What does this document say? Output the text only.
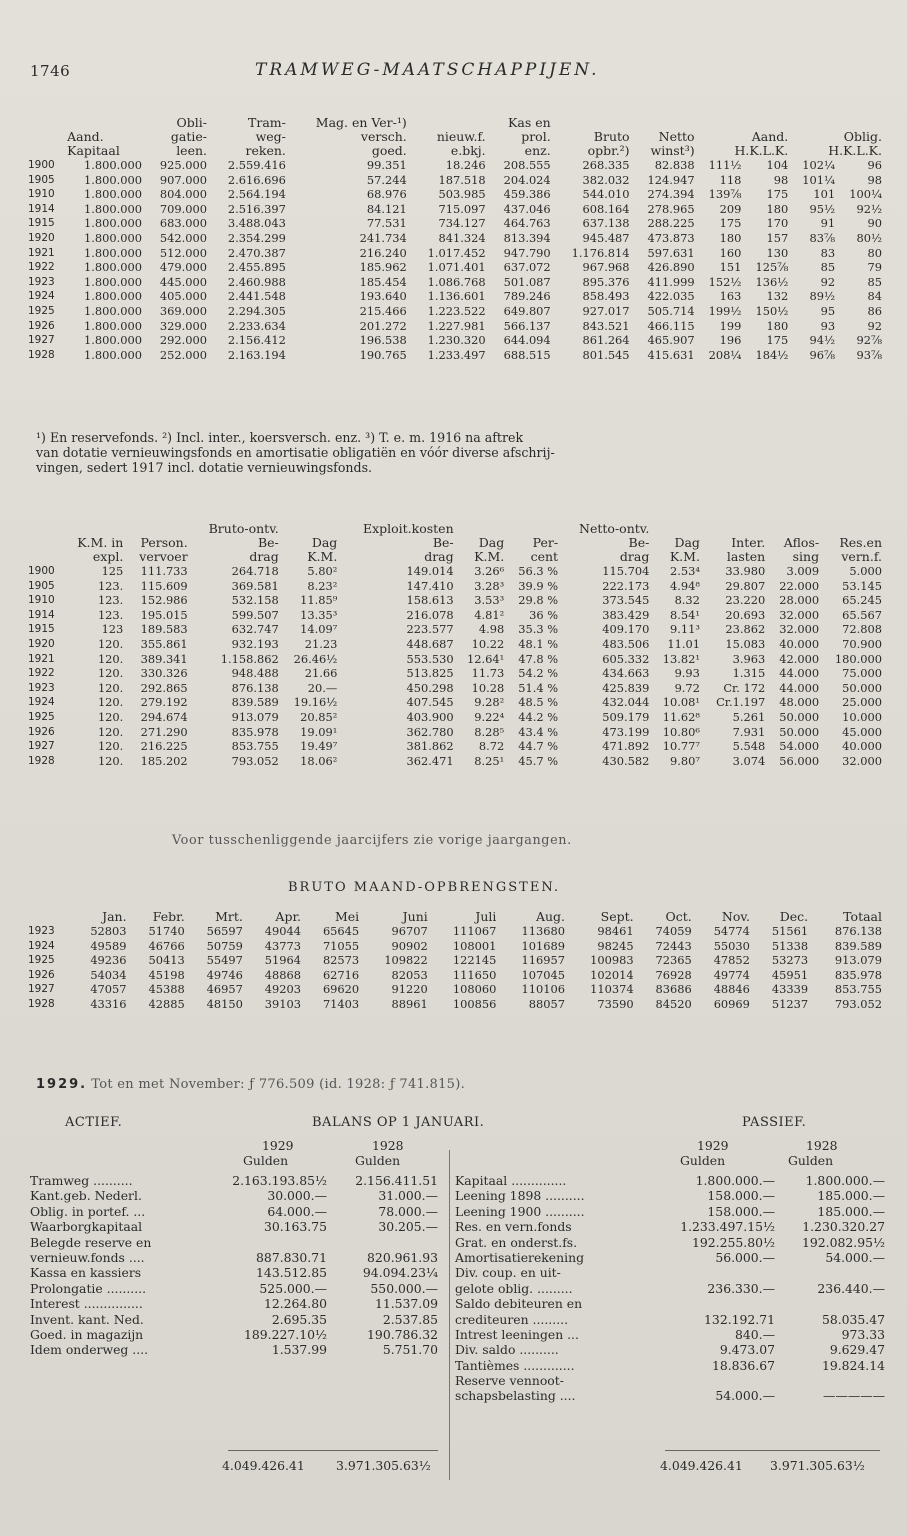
1746	TRAMWEG-MAATSCHAPPIJEN.
		Obli-	Tram-	Mag. en Ver-¹)		Kas en						
	Aand.	gatie-	weg-	versch.	nieuw.f.	prol.	Bruto	Netto	Aand.		Oblig.	
	Kapitaal	leen.	reken.	goed.	e.bkj.	enz.	opbr.²)	winst³)	H.K.L.K.		H.K.L.K.	
1900	1.800.000	925.000	2.559.416	99.351	18.246	208.555	268.335	82.838	111½	104	102¼	96
1905	1.800.000	907.000	2.616.696	57.244	187.518	204.024	382.032	124.947	118	98	101¼	98
1910	1.800.000	804.000	2.564.194	68.976	503.985	459.386	544.010	274.394	139⅞	175	101	100¼
1914	1.800.000	709.000	2.516.397	84.121	715.097	437.046	608.164	278.965	209	180	95½	92½
1915	1.800.000	683.000	3.488.043	77.531	734.127	464.763	637.138	288.225	175	170	91	90
1920	1.800.000	542.000	2.354.299	241.734	841.324	813.394	945.487	473.873	180	157	83⅞	80½
1921	1.800.000	512.000	2.470.387	216.240	1.017.452	947.790	1.176.814	597.631	160	130	83	80
1922	1.800.000	479.000	2.455.895	185.962	1.071.401	637.072	967.968	426.890	151	125⅞	85	79
1923	1.800.000	445.000	2.460.988	185.454	1.086.768	501.087	895.376	411.999	152½	136½	92	85
1924	1.800.000	405.000	2.441.548	193.640	1.136.601	789.246	858.493	422.035	163	132	89½	84
1925	1.800.000	369.000	2.294.305	215.466	1.223.522	649.807	927.017	505.714	199½	150½	95	86
1926	1.800.000	329.000	2.233.634	201.272	1.227.981	566.137	843.521	466.115	199	180	93	92
1927	1.800.000	292.000	2.156.412	196.538	1.230.320	644.094	861.264	465.907	196	175	94½	92⅞
1928	1.800.000	252.000	2.163.194	190.765	1.233.497	688.515	801.545	415.631	208¼	184½	96⅞	93⅞
¹) En reservefonds. ²) Incl. inter., koersversch. enz. ³) T. e. m. 1916 na aftrek
van dotatie vernieuwingsfonds en amortisatie obligatiën en vóór diverse afschrij-
vingen, sedert 1917 incl. dotatie vernieuwingsfonds.
			Bruto-ontv.		Exploit.kosten			Netto-ontv.				
	K.M. in	Person.	Be-	Dag	Be-	Dag	Per-	Be-	Dag	Inter.	Aflos-	Res.en
	expl.	vervoer	drag	K.M.	drag	K.M.	cent	drag	K.M.	lasten	sing	vern.f.
1900	125	111.733	264.718	5.80²	149.014	3.26⁶	56.3 %	115.704	2.53⁴	33.980	3.009	5.000
1905	123.	115.609	369.581	8.23²	147.410	3.28³	39.9 %	222.173	4.94⁸	29.807	22.000	53.145
1910	123.	152.986	532.158	11.85⁹	158.613	3.53³	29.8 %	373.545	8.32	23.220	28.000	65.245
1914	123.	195.015	599.507	13.35³	216.078	4.81²	36 %	383.429	8.54¹	20.693	32.000	65.567
1915	123	189.583	632.747	14.09⁷	223.577	4.98	35.3 %	409.170	9.11³	23.862	32.000	72.808
1920	120.	355.861	932.193	21.23	448.687	10.22	48.1 %	483.506	11.01	15.083	40.000	70.900
1921	120.	389.341	1.158.862	26.46½	553.530	12.64¹	47.8 %	605.332	13.82¹	3.963	42.000	180.000
1922	120.	330.326	948.488	21.66	513.825	11.73	54.2 %	434.663	9.93	1.315	44.000	75.000
1923	120.	292.865	876.138	20.—	450.298	10.28	51.4 %	425.839	9.72	Cr. 172	44.000	50.000
1924	120.	279.192	839.589	19.16½	407.545	9.28²	48.5 %	432.044	10.08¹	Cr.1.197	48.000	25.000
1925	120.	294.674	913.079	20.85²	403.900	9.22⁴	44.2 %	509.179	11.62⁸	5.261	50.000	10.000
1926	120.	271.290	835.978	19.09¹	362.780	8.28⁵	43.4 %	473.199	10.80⁶	7.931	50.000	45.000
1927	120.	216.225	853.755	19.49⁷	381.862	8.72	44.7 %	471.892	10.77⁷	5.548	54.000	40.000
1928	120.	185.202	793.052	18.06²	362.471	8.25¹	45.7 %	430.582	9.80⁷	3.074	56.000	32.000
Voor tusschenliggende jaarcijfers zie vorige jaargangen.
BRUTO MAAND-OPBRENGSTEN.
	Jan.	Febr.	Mrt.	Apr.	Mei	Juni	Juli	Aug.	Sept.	Oct.	Nov.	Dec.	Totaal
1923	52803	51740	56597	49044	65645	96707	111067	113680	98461	74059	54774	51561	876.138
1924	49589	46766	50759	43773	71055	90902	108001	101689	98245	72443	55030	51338	839.589
1925	49236	50413	55497	51964	82573	109822	122145	116957	100983	72365	47852	53273	913.079
1926	54034	45198	49746	48868	62716	82053	111650	107045	102014	76928	49774	45951	835.978
1927	47057	45388	46957	49203	69620	91220	108060	110106	110374	83686	48846	43339	853.755
1928	43316	42885	48150	39103	71403	88961	100856	88057	73590	84520	60969	51237	793.052
1929. Tot en met November: ƒ 776.509 (id. 1928: ƒ 741.815).
ACTIEF.	BALANS OP 1 JANUARI.	PASSIEF.
1929	1928
Gulden	Gulden
1929	1928
Gulden	Gulden
Tramweg ..........	2.163.193.85½ 2.156.411.51
Kant.geb. Nederl.	30.000.—	31.000.—
Oblig. in portef. ...	64.000.—	78.000.—
Waarborgkapitaal	30.163.75	30.205.—
Belegde reserve en
vernieuw.fonds ....	887.830.71	820.961.93
Kassa en kassiers	143.512.85	94.094.23¼
Prolongatie ..........	525.000.—	550.000.—
Interest ...............	12.264.80	11.537.09
Invent. kant. Ned.	2.695.35	2.537.85
Goed. in magazijn	189.227.10½	190.786.32
Idem onderweg ....	1.537.99	5.751.70
Kapitaal ..............	1.800.000.— 1.800.000.—
Leening 1898 ..........	158.000.—	185.000.—
Leening 1900 ..........	158.000.—	185.000.—
Res. en vern.fonds	1.233.497.15½ 1.230.320.27
Grat. en onderst.fs.	192.255.80½ 192.082.95½
Amortisatierekening	56.000.—	54.000.—
Div. coup. en uit-
gelote oblig. .........	236.330.—	236.440.—
Saldo debiteuren en
crediteuren .........	132.192.71	58.035.47
Intrest leeningen ...	840.—	973.33
Div. saldo ..........	9.473.07	9.629.47
Tantièmes .............	18.836.67	19.824.14
Reserve vennoot-
schapsbelasting ....	54.000.—	—————
4.049.426.41	3.971.305.63½	4.049.426.41 3.971.305.63½
